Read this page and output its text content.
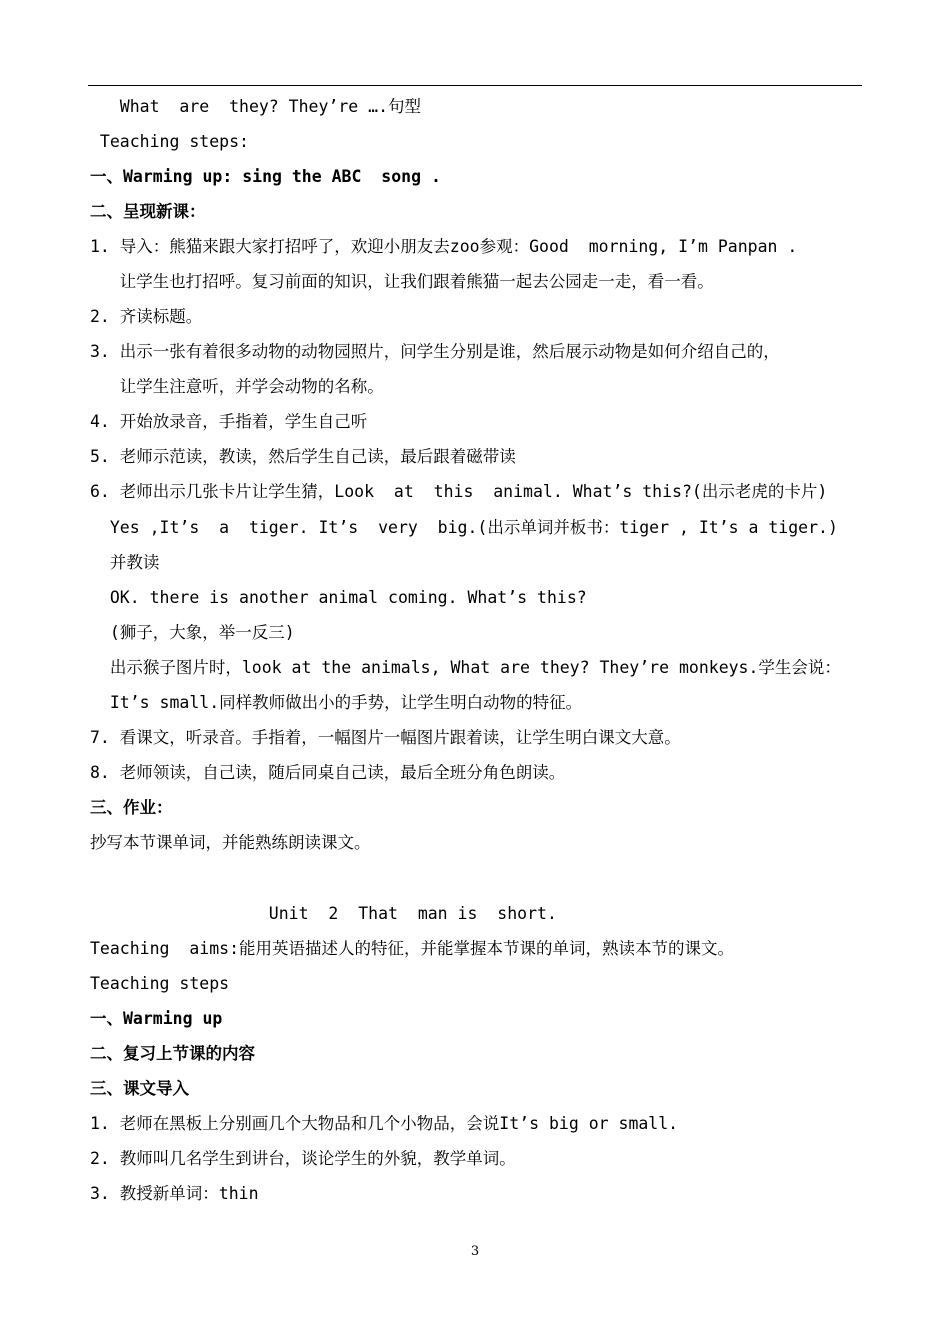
What  are  they? They’re ….句型
Teaching steps:
一、Warming up: sing the ABC  song .
二、呈现新课：
1. 导入：熊猫来跟大家打招呼了，欢迎小朋友去zoo参观：Good  morning, I’m Panpan .
让学生也打招呼。复习前面的知识，让我们跟着熊猫一起去公园走一走，看一看。
2. 齐读标题。
3. 出示一张有着很多动物的动物园照片，问学生分别是谁，然后展示动物是如何介绍自己的，
让学生注意听，并学会动物的名称。
4. 开始放录音，手指着，学生自己听
5. 老师示范读，教读，然后学生自己读，最后跟着磁带读
6. 老师出示几张卡片让学生猜，Look  at  this  animal. What’s this?(出示老虎的卡片)
Yes ,It’s  a  tiger. It’s  very  big.(出示单词并板书：tiger , It’s a tiger.)
并教读
OK. there is another animal coming. What’s this?
(狮子，大象，举一反三)
出示猴子图片时，look at the animals, What are they? They’re monkeys.学生会说：
It’s small.同样教师做出小的手势，让学生明白动物的特征。
7. 看课文，听录音。手指着，一幅图片一幅图片跟着读，让学生明白课文大意。
8. 老师领读，自己读，随后同桌自己读，最后全班分角色朗读。
三、作业：
抄写本节课单词，并能熟练朗读课文。
Unit  2  That  man is  short.
Teaching  aims:能用英语描述人的特征，并能掌握本节课的单词，熟读本节的课文。
Teaching steps
一、Warming up
二、复习上节课的内容
三、课文导入
1. 老师在黑板上分别画几个大物品和几个小物品，会说It’s big or small.
2. 教师叫几名学生到讲台，谈论学生的外貌，教学单词。
3. 教授新单词：thin
3
